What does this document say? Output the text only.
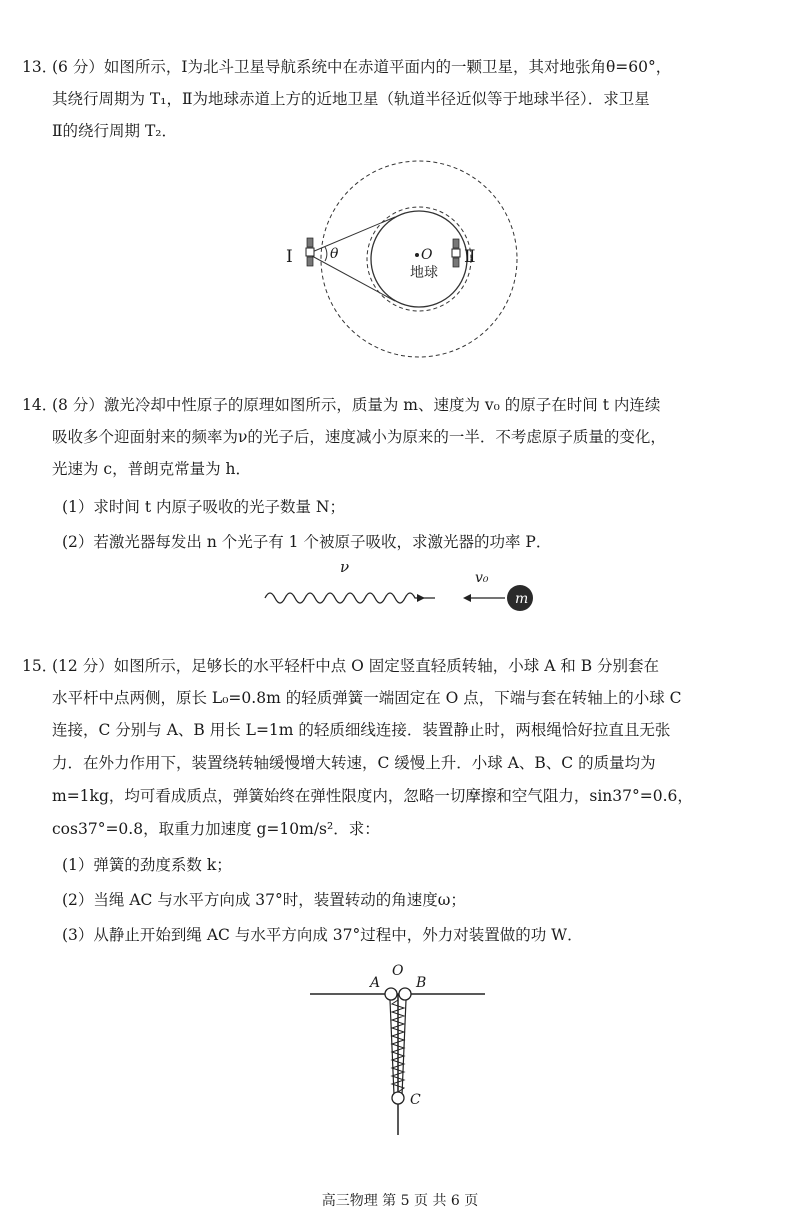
13．
(6 分）如图所示，Ⅰ为北斗卫星导航系统中在赤道平面内的一颗卫星，其对地张角θ=60°，
其绕行周期为 T₁，Ⅱ为地球赤道上方的近地卫星（轨道半径近似等于地球半径）．求卫星
Ⅱ的绕行周期 T₂．
Ⅰ	θ	O
地球
Ⅱ
14．
(8 分）激光冷却中性原子的原理如图所示，质量为 m、速度为 v₀ 的原子在时间 t 内连续
吸收多个迎面射来的频率为ν的光子后，速度减小为原来的一半．不考虑原子质量的变化，
光速为 c，普朗克常量为 h．
(1）求时间 t 内原子吸收的光子数量 N；
(2）若激光器每发出 n 个光子有 1 个被原子吸收，求激光器的功率 P．
m
ν
v₀
15．
(12 分）如图所示，足够长的水平轻杆中点 O 固定竖直轻质转轴，小球 A 和 B 分别套在
水平杆中点两侧，原长 L₀=0.8m 的轻质弹簧一端固定在 O 点，下端与套在转轴上的小球 C
连接，C 分别与 A、B 用长 L=1m 的轻质细线连接．装置静止时，两根绳恰好拉直且无张
力．在外力作用下，装置绕转轴缓慢增大转速，C 缓慢上升．小球 A、B、C 的质量均为
m=1kg，均可看成质点，弹簧始终在弹性限度内，忽略一切摩擦和空气阻力，sin37°=0.6，
cos37°=0.8，取重力加速度 g=10m/s²．求：
(1）弹簧的劲度系数 k；
(2）当绳 AC 与水平方向成 37°时，装置转动的角速度ω；
(3）从静止开始到绳 AC 与水平方向成 37°过程中，外力对装置做的功 W．
O
A	B
C
高三物理 第 5 页 共 6 页
